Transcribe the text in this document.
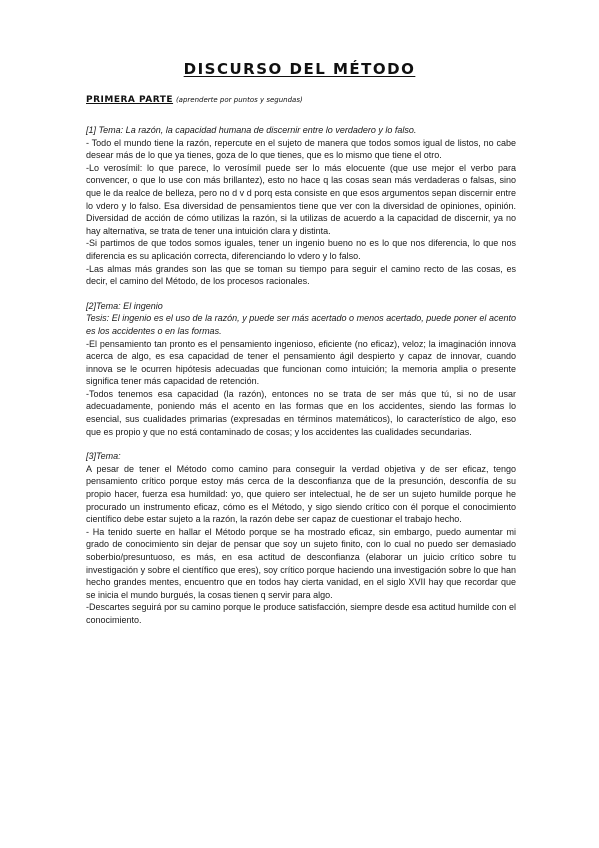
DISCURSO DEL MÉTODO
PRIMERA PARTE (aprenderte por puntos y segundas)

[1] Tema: La razón, la capacidad humana de discernir entre lo verdadero y lo falso.

- Todo el mundo tiene la razón, repercute en el sujeto de manera que todos somos igual de listos, no cabe desear más de lo que ya tienes, goza de lo que tienes, que es lo mismo que tiene el otro.

-Lo verosímil: lo que parece, lo verosímil puede ser lo más elocuente (que use mejor el verbo para convencer, o que lo use con más brillantez), esto no hace q las cosas sean más verdaderas o falsas, sino que le da realce de belleza, pero no d v d porq esta consiste en que esos argumentos sepan discernir entre lo vdero y lo falso. Esa diversidad de pensamientos tiene que ver con la diversidad de opiniones, opinión. Diversidad de acción de cómo utilizas la razón, si la utilizas de acuerdo a la capacidad de discernir, ya no hay alternativa, se trata de tener una intuición clara y distinta.

-Si partimos de que todos somos iguales, tener un ingenio bueno no es lo que nos diferencia, lo que nos diferencia es su aplicación correcta, diferenciando lo vdero y lo falso.

-Las almas más grandes son las que se toman su tiempo para seguir el camino recto de las cosas, es decir, el camino del Método, de los procesos racionales.

[2]Tema: El ingenio

Tesis: El ingenio es el uso de la razón, y puede ser más acertado o menos acertado, puede poner el acento es los accidentes o en las formas.

-El pensamiento tan pronto es el pensamiento ingenioso, eficiente (no eficaz), veloz; la imaginación innova acerca de algo, es esa capacidad de tener el pensamiento ágil despierto y capaz de innovar, cuando innova se le ocurren hipótesis adecuadas que funcionan como intuición; la memoria amplia o presente significa tener más capacidad de retención.

-Todos tenemos esa capacidad (la razón), entonces no se trata de ser más que tú, si no de usar adecuadamente, poniendo más el acento en las formas que en los accidentes, siendo las formas lo esencial, sus cualidades primarias (expresadas en términos matemáticos), lo característico de algo, eso que es propio y que no está contaminado de cosas; y los accidentes las cualidades secundarias.

[3]Tema:

A pesar de tener el Método como camino para conseguir la verdad objetiva y de ser eficaz, tengo pensamiento crítico porque estoy más cerca de la desconfianza que de la presunción, desconfía de su propio hacer, fuerza esa humildad: yo, que quiero ser intelectual, he de ser un sujeto humilde porque he procurado un instrumento eficaz, cómo es el Método, y sigo siendo crítico con él porque el conocimiento científico debe estar sujeto a la razón, la razón debe ser capaz de cuestionar el trabajo hecho.

- Ha tenido suerte en hallar el Método porque se ha mostrado eficaz, sin embargo, puedo aumentar mi grado de conocimiento sin dejar de pensar que soy un sujeto finito, con lo cual no puedo ser demasiado soberbio/presuntuoso, es más, en esa actitud de desconfianza (elaborar un juicio crítico sobre tu investigación y sobre el científico que eres), soy crítico porque haciendo una investigación sobre lo que han hecho grandes mentes, encuentro que en todos hay cierta vanidad, en el siglo XVII hay que recordar que se inicia el mundo burgués, la cosas tienen q servir para algo.

-Descartes seguirá por su camino porque le produce satisfacción, siempre desde esa actitud humilde con el conocimiento.
